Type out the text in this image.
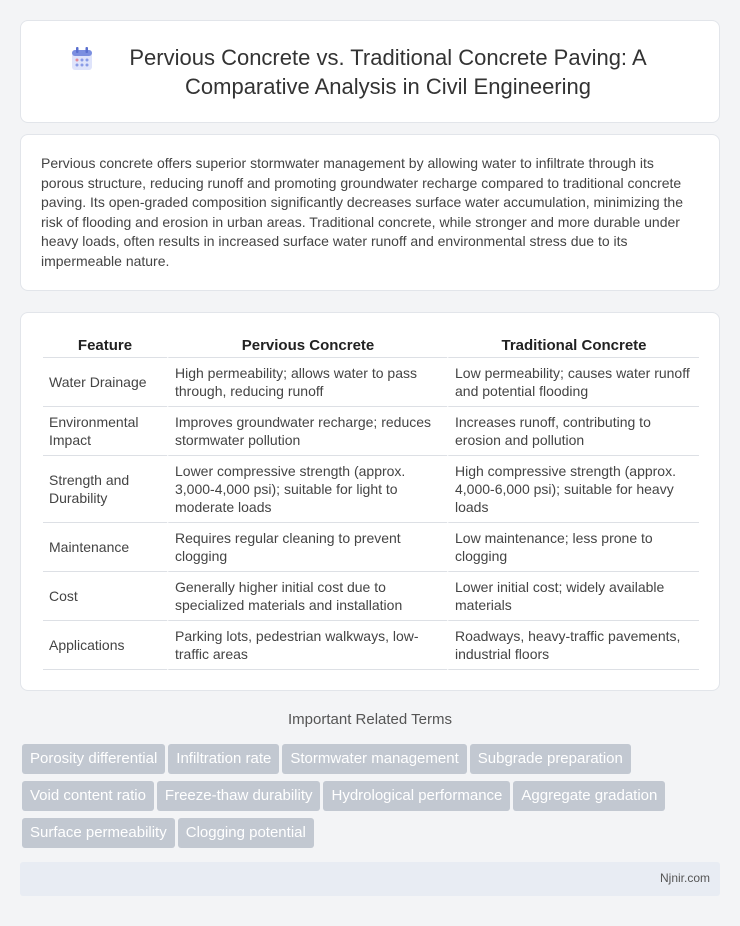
Pervious Concrete vs. Traditional Concrete Paving: A Comparative Analysis in Civil Engineering

Pervious concrete offers superior stormwater management by allowing water to infiltrate through its porous structure, reducing runoff and promoting groundwater recharge compared to traditional concrete paving. Its open-graded composition significantly decreases surface water accumulation, minimizing the risk of flooding and erosion in urban areas. Traditional concrete, while stronger and more durable under heavy loads, often results in increased surface water runoff and environmental stress due to its impermeable nature.

Feature	Pervious Concrete	Traditional Concrete
Water Drainage	High permeability; allows water to pass through, reducing runoff	Low permeability; causes water runoff and potential flooding
Environmental Impact	Improves groundwater recharge; reduces stormwater pollution	Increases runoff, contributing to erosion and pollution
Strength and Durability	Lower compressive strength (approx. 3,000-4,000 psi); suitable for light to moderate loads	High compressive strength (approx. 4,000-6,000 psi); suitable for heavy loads
Maintenance	Requires regular cleaning to prevent clogging	Low maintenance; less prone to clogging
Cost	Generally higher initial cost due to specialized materials and installation	Lower initial cost; widely available materials
Applications	Parking lots, pedestrian walkways, low-traffic areas	Roadways, heavy-traffic pavements, industrial floors
Important Related Terms
Porosity differential Infiltration rate Stormwater management Subgrade preparation
Void content ratio Freeze-thaw durability Hydrological performance Aggregate gradation
Surface permeability Clogging potential
Njnir.com
